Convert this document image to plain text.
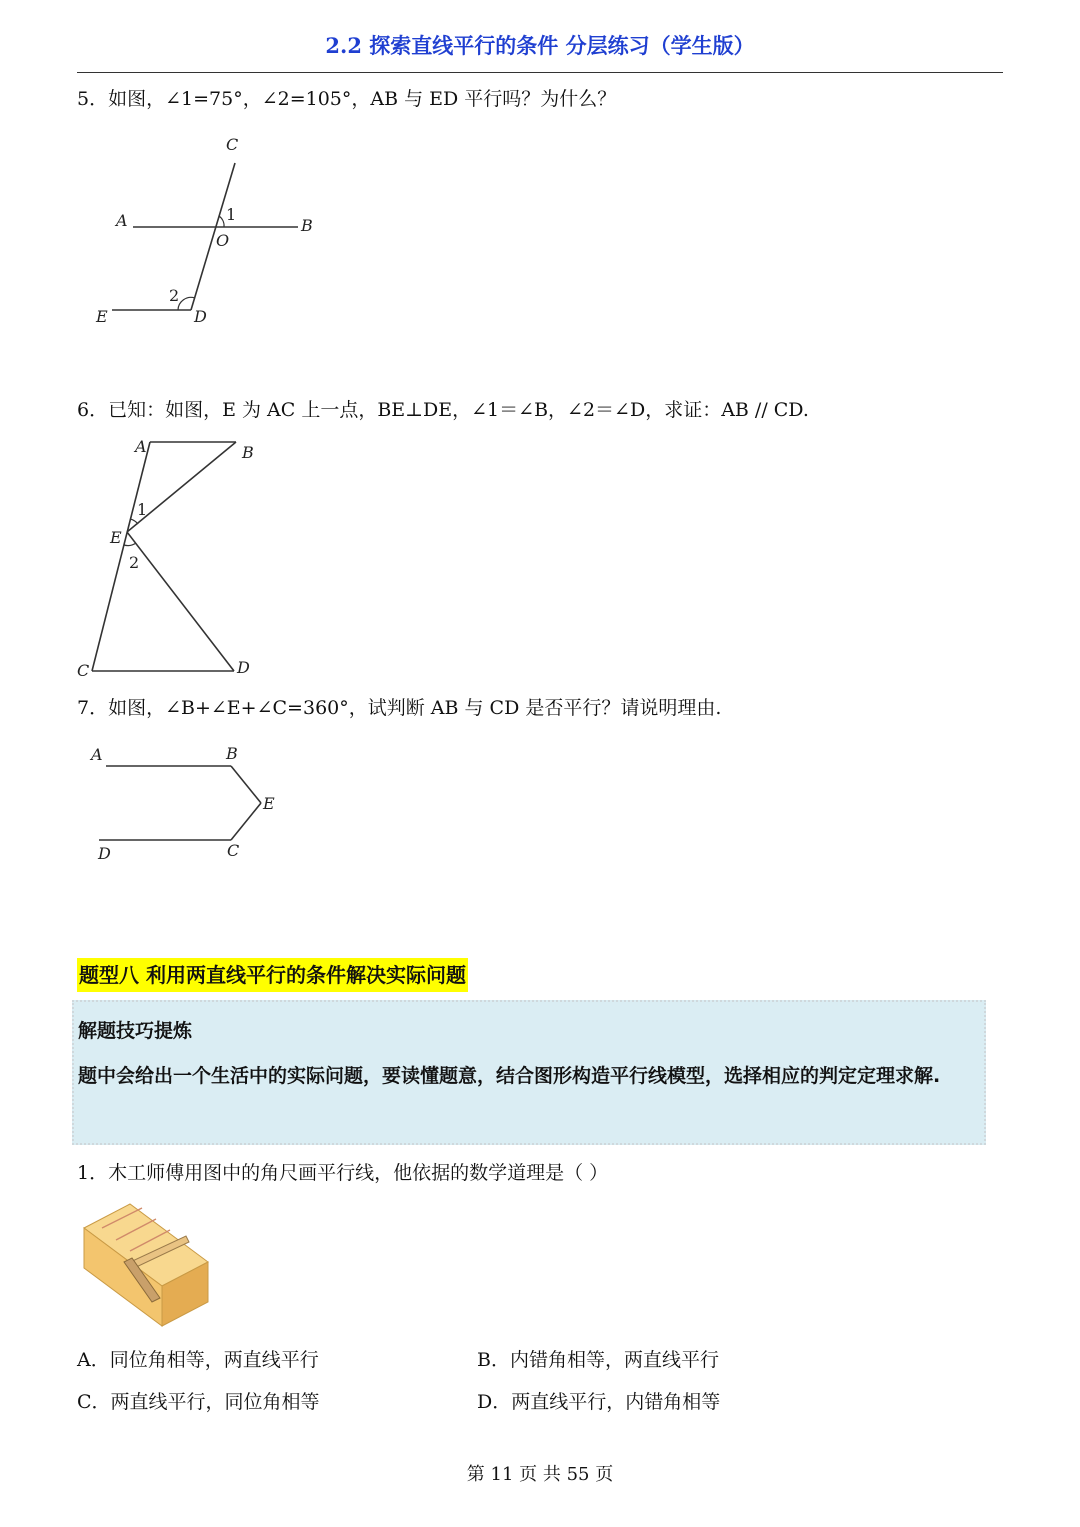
2.2 探索直线平行的条件 分层练习（学生版）
5．如图，∠1=75°，∠2=105°，AB 与 ED 平行吗？为什么？
C
A	B
O
1
2
E	D
6．已知：如图，E 为 AC 上一点，BE⊥DE，∠1＝∠B，∠2＝∠D，求证：AB // CD.
A	B
1
E
2
C	D
7．如图，∠B+∠E+∠C=360°，试判断 AB 与 CD 是否平行？请说明理由.
A	B
E
D	C
题型八 利用两直线平行的条件解决实际问题
解题技巧提炼
题中会给出一个生活中的实际问题，要读懂题意，结合图形构造平行线模型，选择相应的判定定理求解.
1．木工师傅用图中的角尺画平行线，他依据的数学道理是（ ）
A．同位角相等，两直线平行	B．内错角相等，两直线平行
C．两直线平行，同位角相等	D．两直线平行，内错角相等
第 11 页 共 55 页
